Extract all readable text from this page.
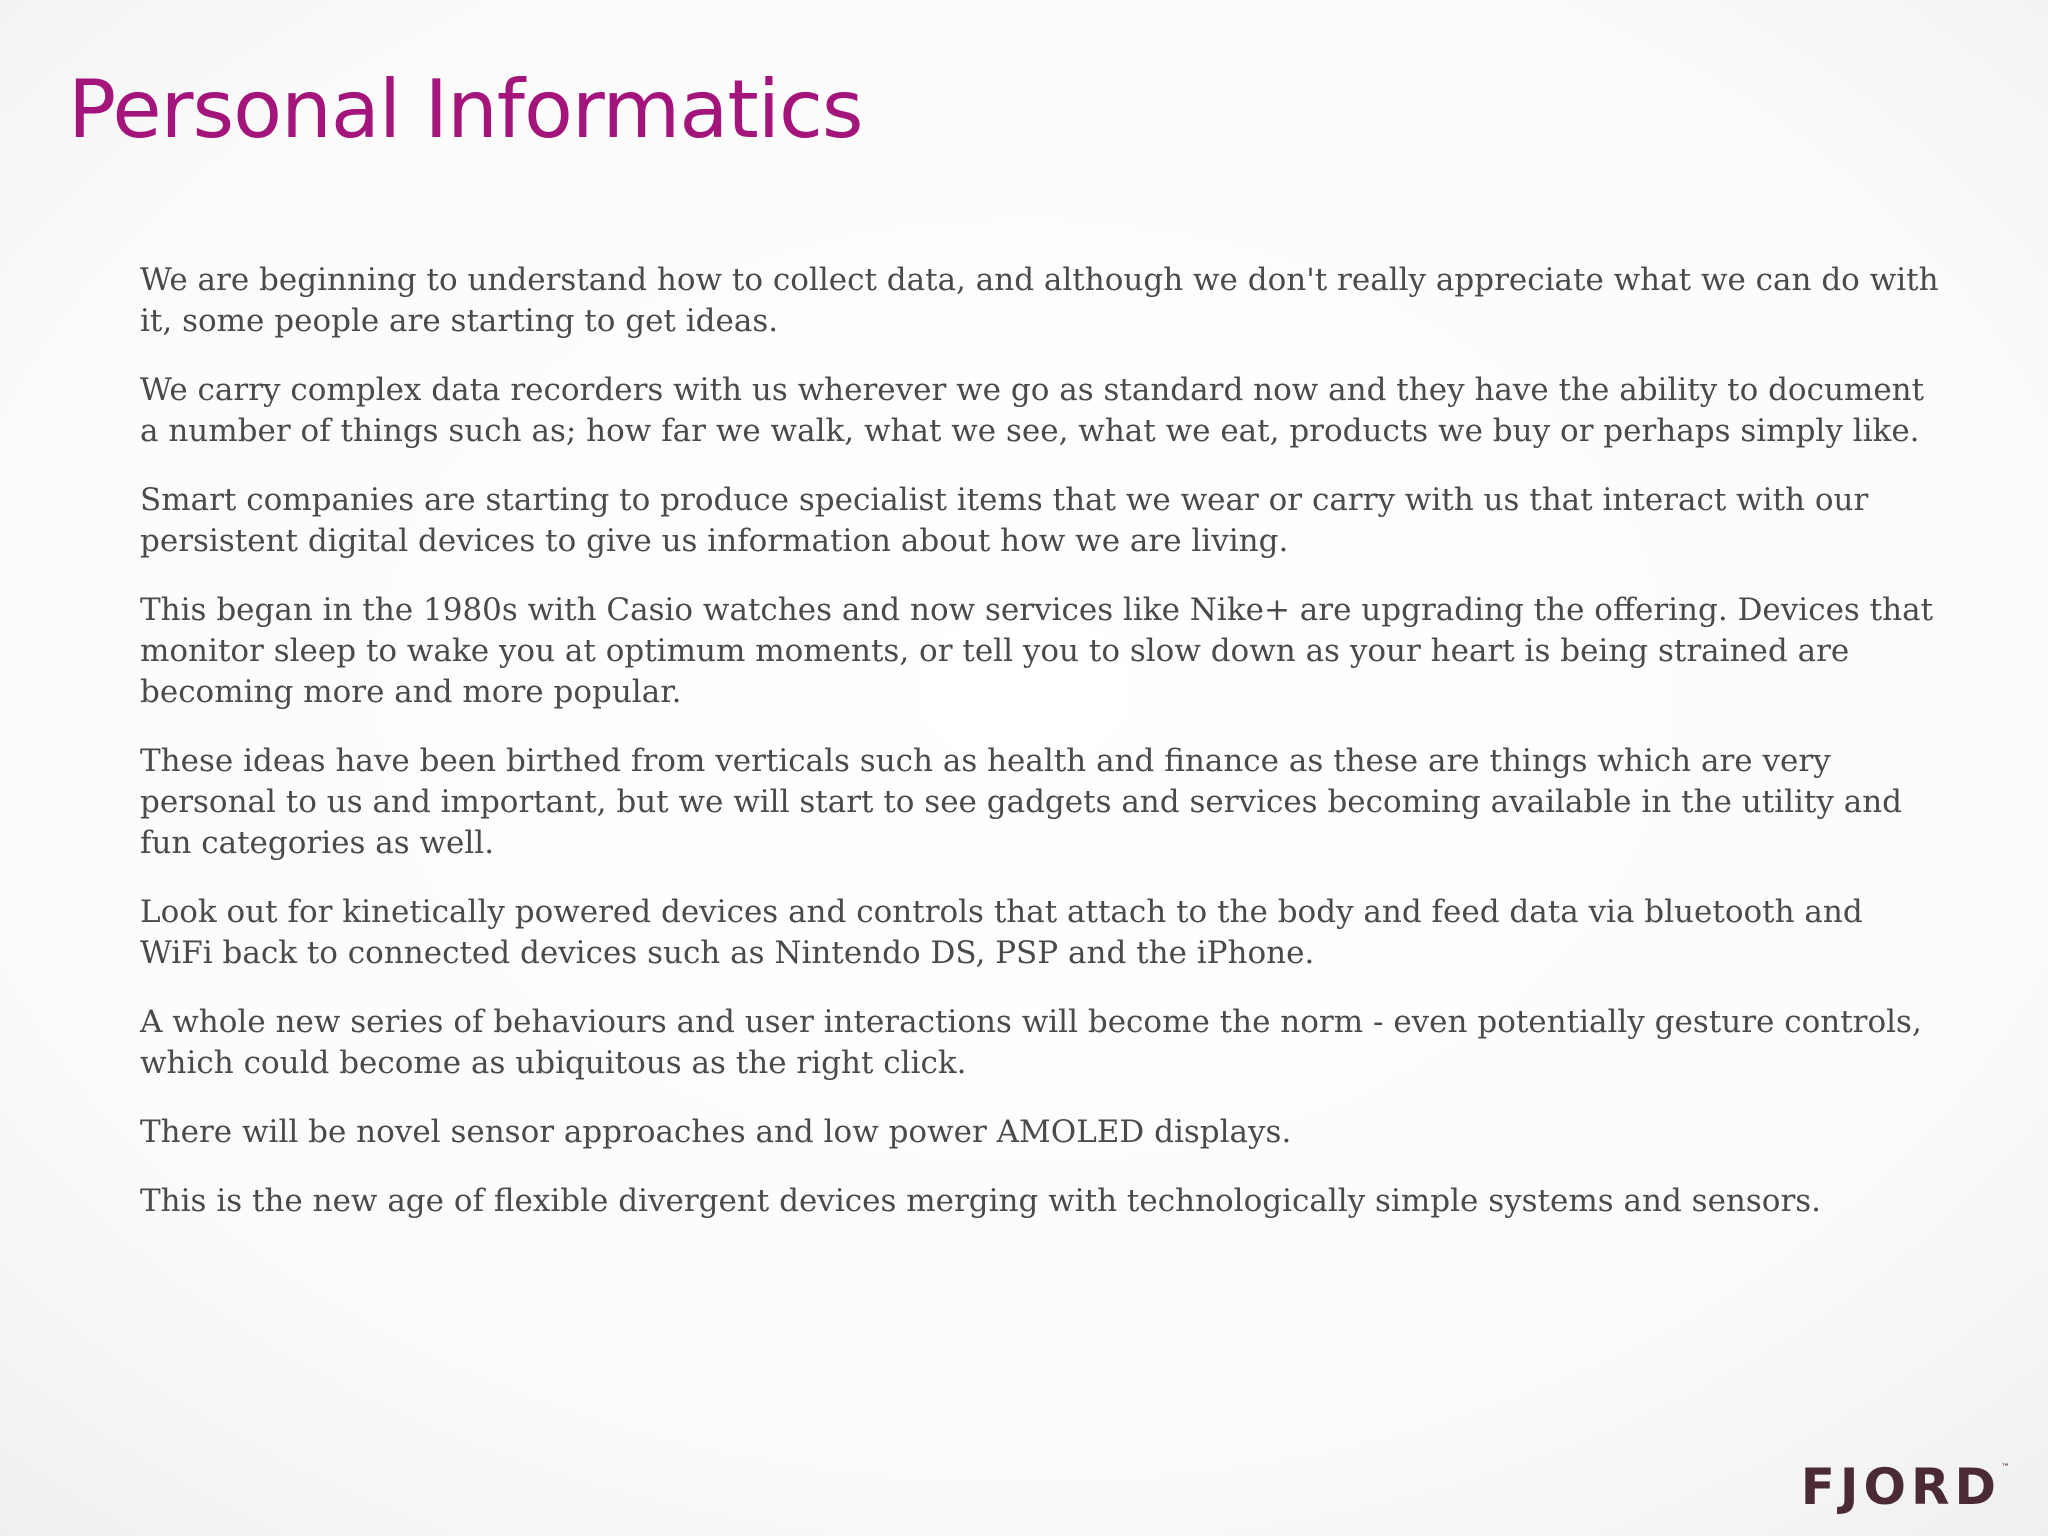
Personal Informatics

We are beginning to understand how to collect data, and although we don't really appreciate what we can do with it, some people are starting to get ideas.

We carry complex data recorders with us wherever we go as standard now and they have the ability to document a number of things such as; how far we walk, what we see, what we eat, products we buy or perhaps simply like.

Smart companies are starting to produce specialist items that we wear or carry with us that interact with our persistent digital devices to give us information about how we are living.

This began in the 1980s with Casio watches and now services like Nike+ are upgrading the offering. Devices that monitor sleep to wake you at optimum moments, or tell you to slow down as your heart is being strained are becoming more and more popular.

These ideas have been birthed from verticals such as health and finance as these are things which are very personal to us and important, but we will start to see gadgets and services becoming available in the utility and fun categories as well.

Look out for kinetically powered devices and controls that attach to the body and feed data via bluetooth and WiFi back to connected devices such as Nintendo DS, PSP and the iPhone.

A whole new series of behaviours and user interactions will become the norm - even potentially gesture controls, which could become as ubiquitous as the right click.

There will be novel sensor approaches and low power AMOLED displays.

This is the new age of flexible divergent devices merging with technologically simple systems and sensors.

FJORD™
